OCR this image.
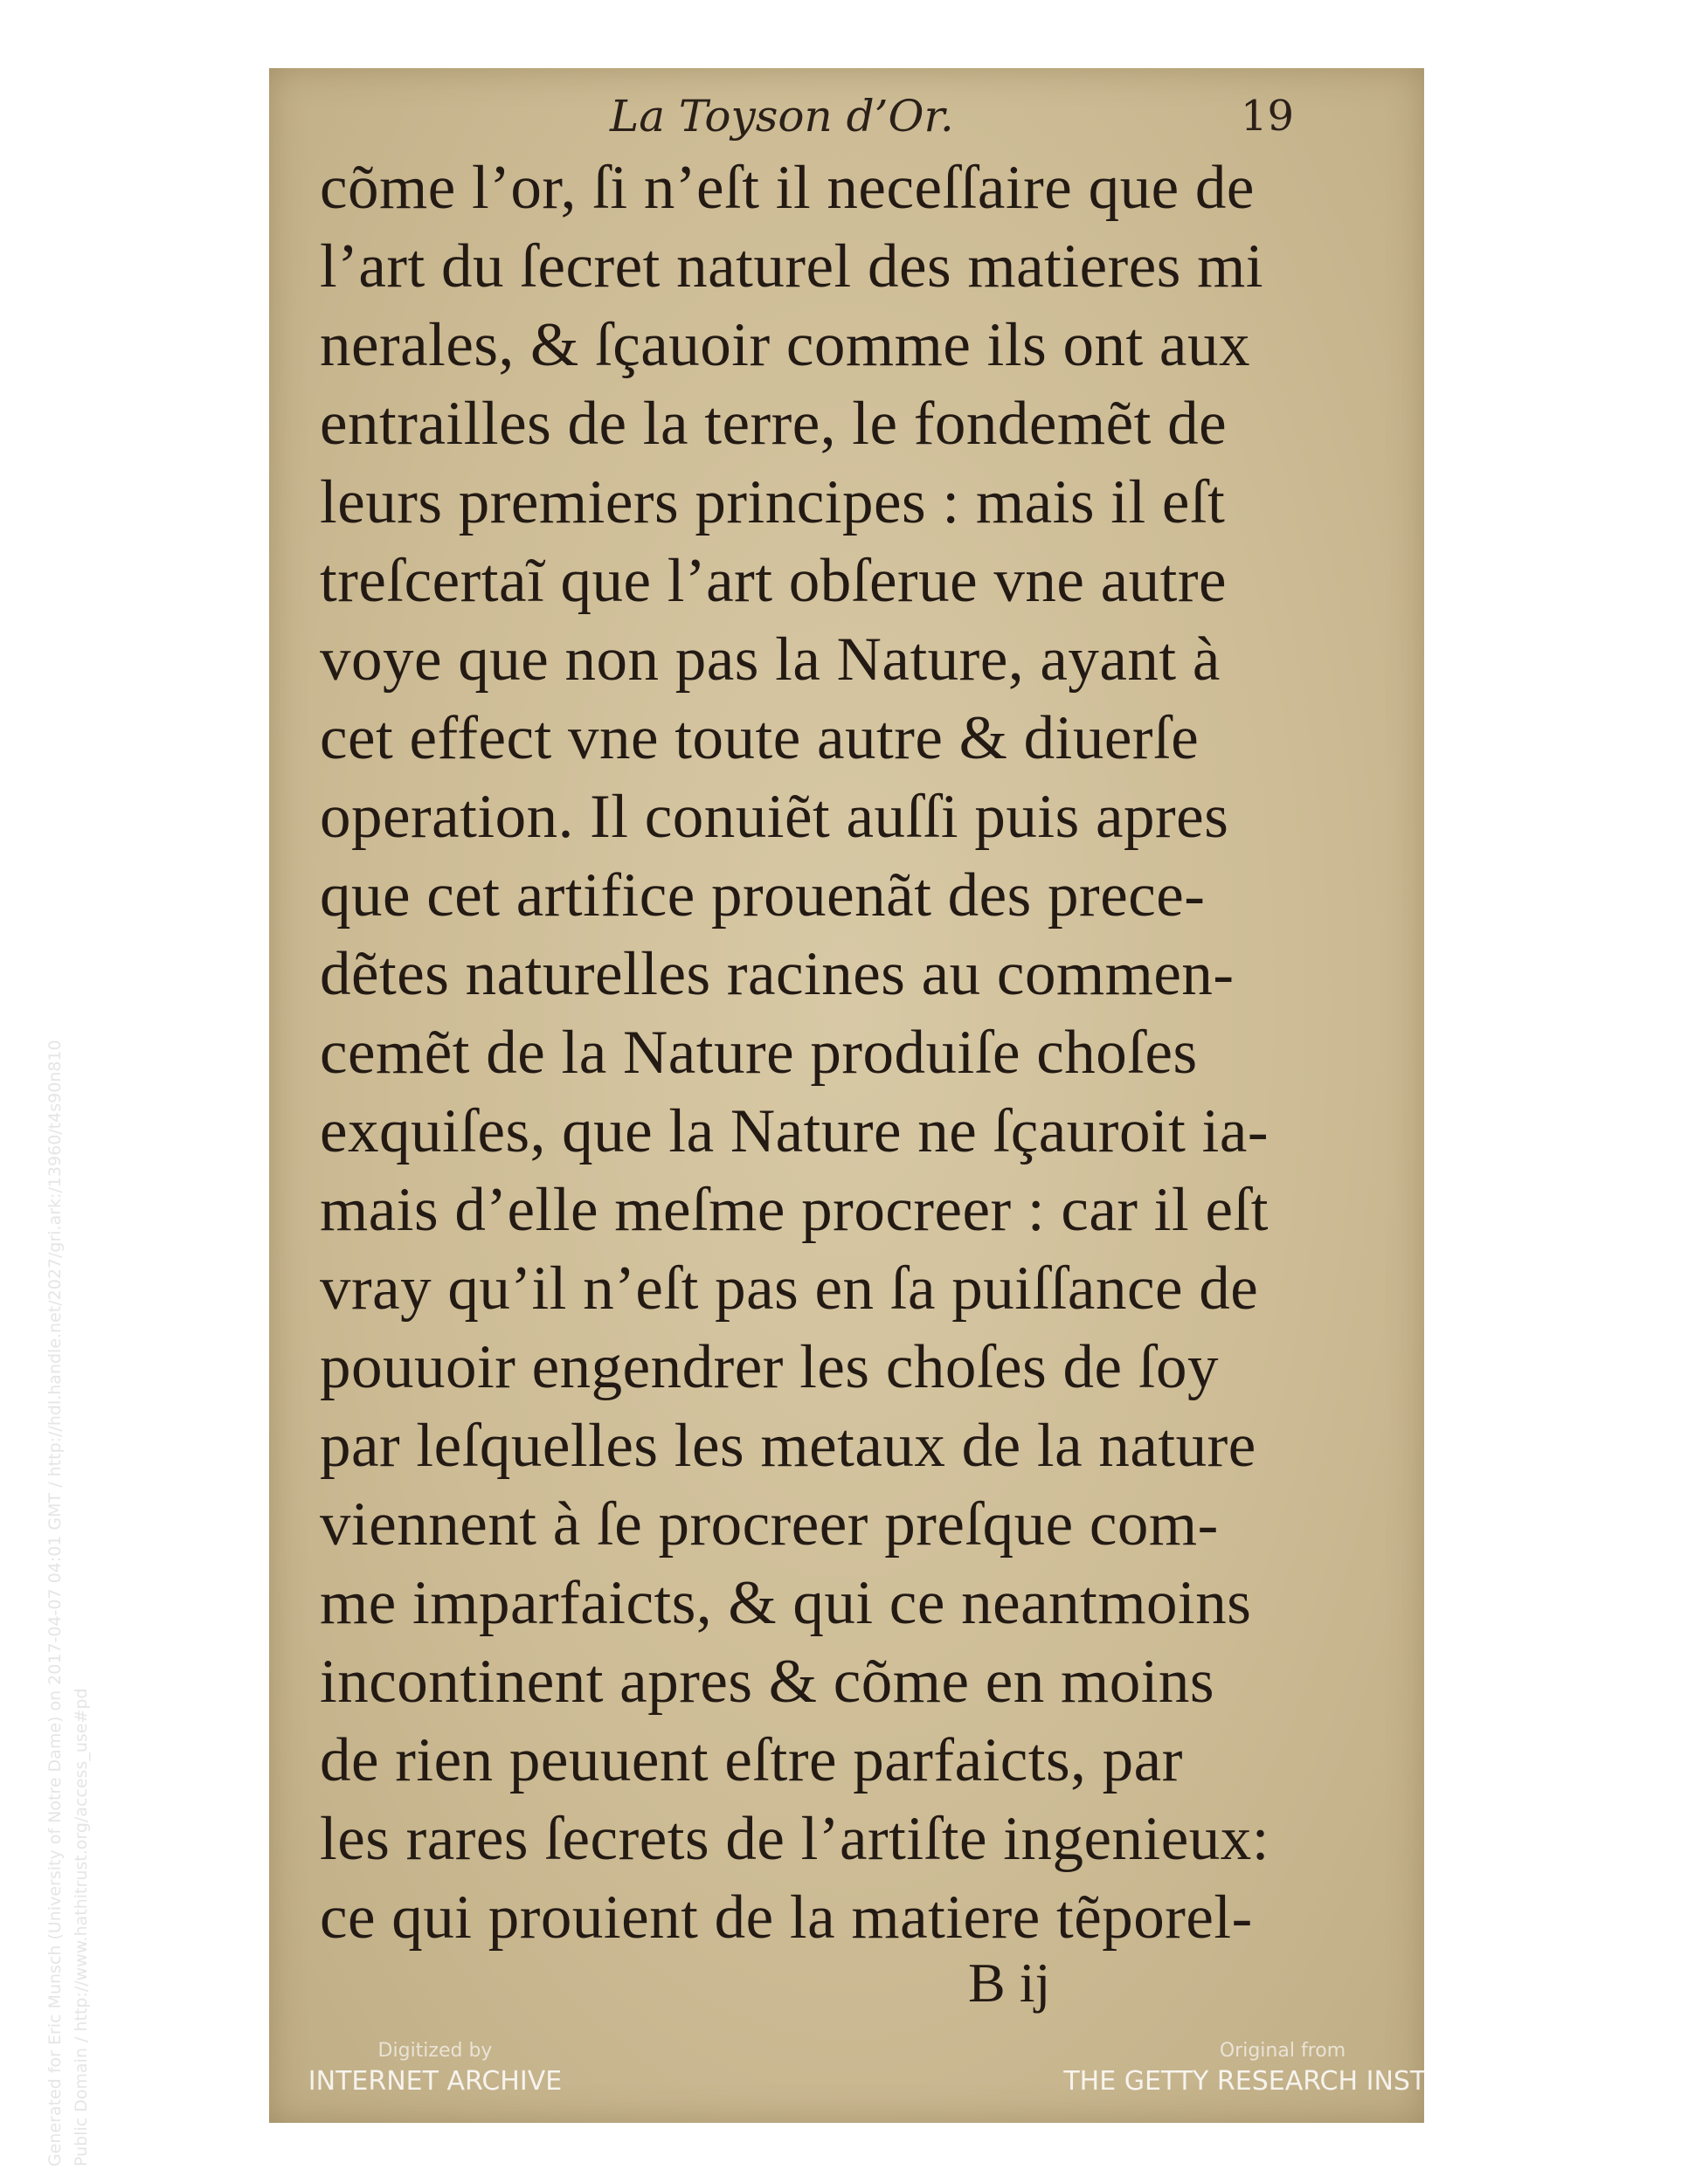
La Toyson d’Or.	19
cõme l’or, ſi n’eſt il neceſſaire que de
l’art du ſecret naturel des matieres mi
nerales, & ſçauoir comme ils ont aux
entrailles de la terre, le fondemẽt de
leurs premiers principes : mais il eſt
treſcertaĩ que l’art obſerue vne autre
voye que non pas la Nature, ayant à
cet effect vne toute autre & diuerſe
operation. Il conuiẽt auſſi puis apres
que cet artifice prouenãt des prece-
dẽtes naturelles racines au commen-
cemẽt de la Nature produiſe choſes
exquiſes, que la Nature ne ſçauroit ia-
mais d’elle meſme procreer : car il eſt
vray qu’il n’eſt pas en ſa puiſſance de
pouuoir engendrer les choſes de ſoy
par leſquelles les metaux de la nature
viennent à ſe procreer preſque com-
me imparfaicts, & qui ce neantmoins
incontinent apres & cõme en moins
de rien peuuent eſtre parfaicts, par
les rares ſecrets de l’artiſte ingenieux:
ce qui prouient de la matiere tẽporel-
B ij
Digitized by
INTERNET ARCHIVE
Original from
THE GETTY RESEARCH INSTITUTE
Generated for Eric Munsch (University of Notre Dame) on 2017-04-07 04:01 GMT / http://hdl.handle.net/2027/gri.ark:/13960/t4s90n810 Public Domain / http://www.hathitrust.org/access_use#pd
